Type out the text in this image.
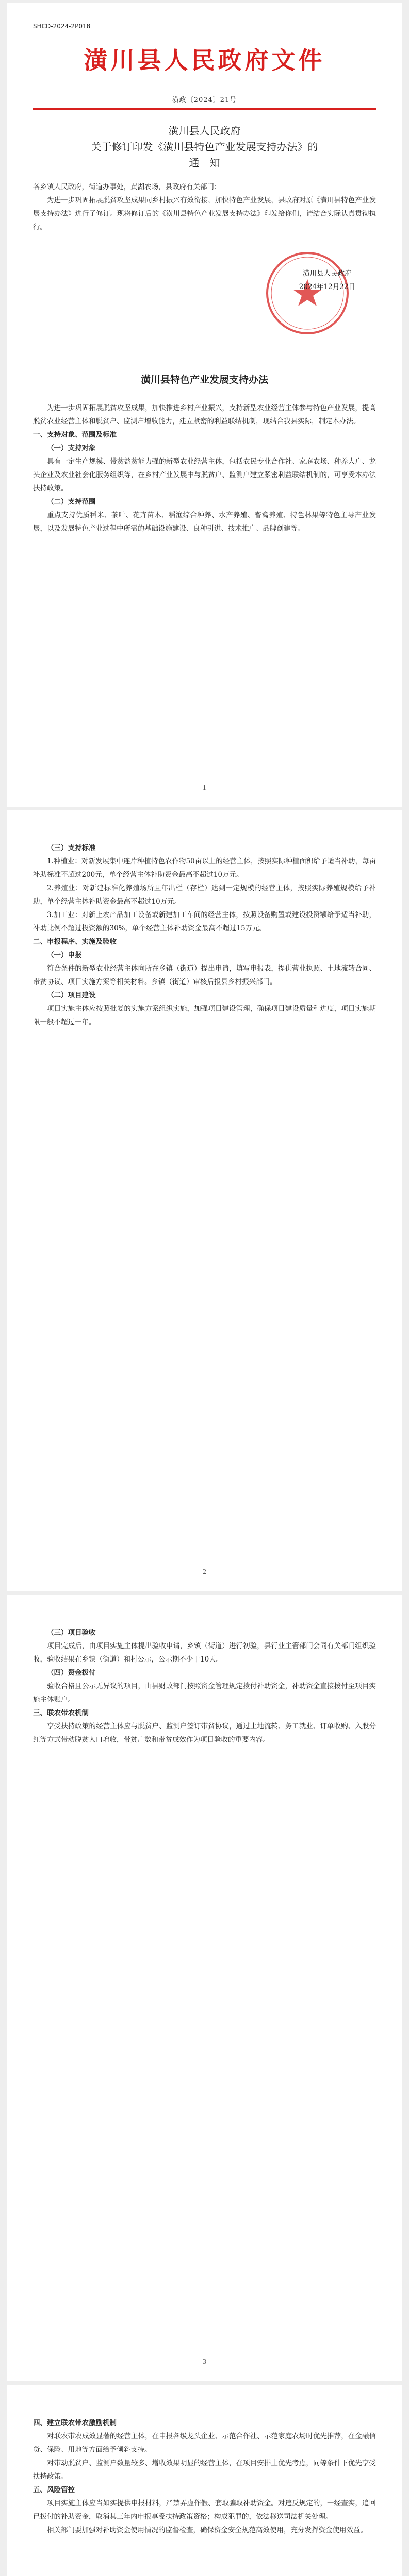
SHCD-2024-2P018
潢川县人民政府文件
潢政〔2024〕21号
潢川县人民政府
关于修订印发《潢川县特色产业发展支持办法》的
通　知

各乡镇人民政府，街道办事处，黄湖农场，县政府有关部门：

为进一步巩固拓展脱贫攻坚成果同乡村振兴有效衔接，加快特色产业发展，县政府对原《潢川县特色产业发展支持办法》进行了修订。现将修订后的《潢川县特色产业发展支持办法》印发给你们，请结合实际认真贯彻执行。

潢川县人民政府
2024年12月22日
潢川县特色产业发展支持办法

为进一步巩固拓展脱贫攻坚成果，加快推进乡村产业振兴，支持新型农业经营主体参与特色产业发展，提高脱贫农业经营主体和脱贫户、监测户增收能力，建立紧密的利益联结机制，现结合我县实际，制定本办法。

一、支持对象、范围及标准

（一）支持对象

具有一定生产规模、带贫益贫能力强的新型农业经营主体，包括农民专业合作社、家庭农场、种养大户、龙头企业及农业社会化服务组织等，在乡村产业发展中与脱贫户、监测户建立紧密利益联结机制的，可享受本办法扶持政策。

（二）支持范围

重点支持优质稻米、茶叶、花卉苗木、稻渔综合种养、水产养殖、畜禽养殖、特色林果等特色主导产业发展，以及发展特色产业过程中所需的基础设施建设、良种引进、技术推广、品牌创建等。

— 1 —

（三）支持标准

1.种植业：对新发展集中连片种植特色农作物50亩以上的经营主体，按照实际种植面积给予适当补助，每亩补助标准不超过200元，单个经营主体补助资金最高不超过10万元。

2.养殖业：对新建标准化养殖场所且年出栏（存栏）达到一定规模的经营主体，按照实际养殖规模给予补助，单个经营主体补助资金最高不超过10万元。

3.加工业：对新上农产品加工设备或新建加工车间的经营主体，按照设备购置或建设投资额给予适当补助，补助比例不超过投资额的30%，单个经营主体补助资金最高不超过15万元。

二、申报程序、实施及验收

（一）申报

符合条件的新型农业经营主体向所在乡镇（街道）提出申请，填写申报表，提供营业执照、土地流转合同、带贫协议、项目实施方案等相关材料。乡镇（街道）审核后报县乡村振兴部门。

（二）项目建设

项目实施主体应按照批复的实施方案组织实施，加强项目建设管理，确保项目建设质量和进度，项目实施期限一般不超过一年。

— 2 —

（三）项目验收

项目完成后，由项目实施主体提出验收申请，乡镇（街道）进行初验，县行业主管部门会同有关部门组织验收，验收结果在乡镇（街道）和村公示，公示期不少于10天。

（四）资金拨付

验收合格且公示无异议的项目，由县财政部门按照资金管理规定拨付补助资金，补助资金直接拨付至项目实施主体账户。

三、联农带农机制

享受扶持政策的经营主体应与脱贫户、监测户签订带贫协议，通过土地流转、务工就业、订单收购、入股分红等方式带动脱贫人口增收，带贫户数和带贫成效作为项目验收的重要内容。

— 3 —

四、建立联农带农激励机制

对联农带农成效显著的经营主体，在申报各级龙头企业、示范合作社、示范家庭农场时优先推荐，在金融信贷、保险、用地等方面给予倾斜支持。

对带动脱贫户、监测户数量较多、增收效果明显的经营主体，在项目安排上优先考虑，同等条件下优先享受扶持政策。

五、风险管控

项目实施主体应当如实提供申报材料，严禁弄虚作假、套取骗取补助资金。对违反规定的，一经查实，追回已拨付的补助资金，取消其三年内申报享受扶持政策资格；构成犯罪的，依法移送司法机关处理。

相关部门要加强对补助资金使用情况的监督检查，确保资金安全规范高效使用，充分发挥资金使用效益。
